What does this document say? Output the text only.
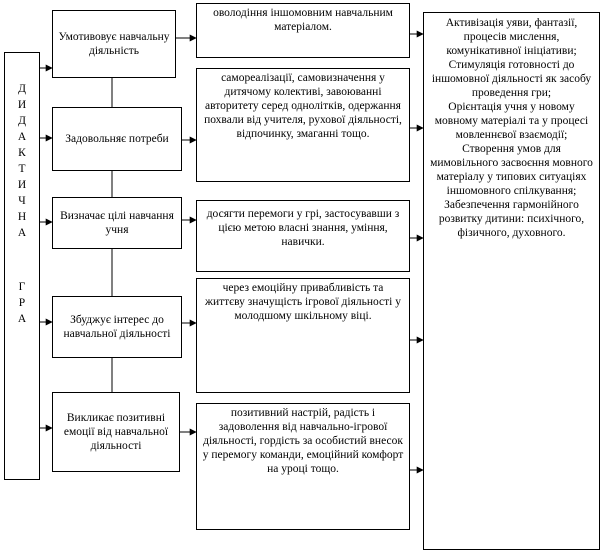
Д
И
Д
А
К
Т
И
Ч
Н
А
Г
Р
А
Умотивовує навчальну діяльність
Задовольняє потреби
Визначає цілі навчання учня
Збуджує інтерес до навчальної діяльності
Викликає позитивні емоції від навчальної діяльності
оволодіння іншомовним навчальним матеріалом.
самореалізації, самовизначення у дитячому колективі, завоюванні авторитету серед однолітків, одержання похвали від учителя, рухової діяльності, відпочинку, змаганні тощо.
досягти перемоги у грі, застосувавши з цією метою власні знання, уміння, навички.
через емоційну привабливість та життєву значущість ігрової діяльності у молодшому шкільному віці.
позитивний настрій, радість і задоволення від навчально-ігрової діяльності, гордість за особистий внесок у перемогу команди, емоційний комфорт на уроці тощо.
Активізація уяви, фантазії, процесів мислення, комунікативної ініціативи;
Стимуляція готовності до іншомовної діяльності як засобу проведення гри;
Орієнтація учня у новому мовному матеріалі та у процесі мовленнєвої взаємодії;
Створення умов для мимовільного засвоєння мовного матеріалу у типових ситуаціях іншомовного спілкування;
Забезпечення гармонійного розвитку дитини: психічного, фізичного, духовного.
